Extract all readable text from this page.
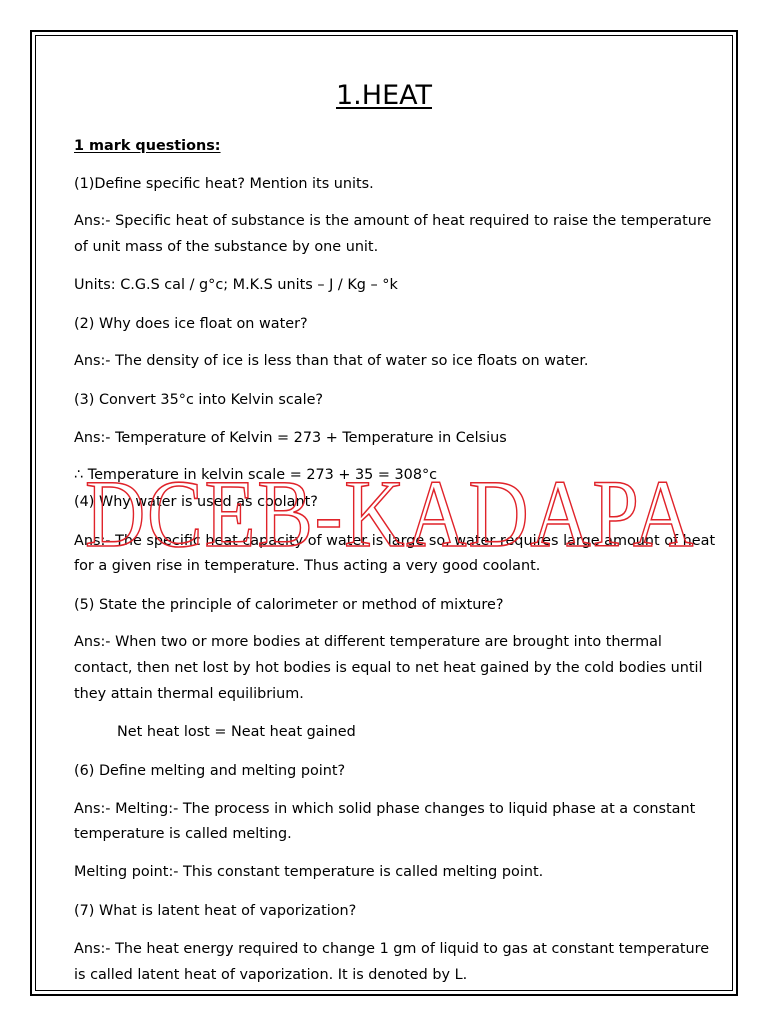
1.HEAT
1 mark questions:
(1)Define specific heat? Mention its units.
Ans:- Specific heat of substance is the amount of heat required to raise the temperature
of unit mass of the substance by one unit.
Units: C.G.S cal / g°c; M.K.S units – J / Kg – °k
(2) Why does ice float on water?
Ans:- The density of ice is less than that of water so ice floats on water.
(3) Convert 35°c into Kelvin scale?
Ans:- Temperature of Kelvin = 273 + Temperature in Celsius
∴ Temperature in kelvin scale = 273 + 35 = 308°c
(4) Why water is used as coolant?
Ans:- The specific heat capacity of water is large so, water requires large amount of heat
for a given rise in temperature. Thus acting a very good coolant.
(5) State the principle of calorimeter or method of mixture?
Ans:- When two or more bodies at different temperature are brought into thermal
contact, then net lost by hot bodies is equal to net heat gained by the cold bodies until
they attain thermal equilibrium.
Net heat lost = Neat heat gained
(6) Define melting and melting point?
Ans:- Melting:- The process in which solid phase changes to liquid phase at a constant
temperature is called melting.
Melting point:- This constant temperature is called melting point.
(7) What is latent heat of vaporization?
Ans:- The heat energy required to change 1 gm of liquid to gas at constant temperature
is called latent heat of vaporization. It is denoted by L.
DCEB-KADAPA
